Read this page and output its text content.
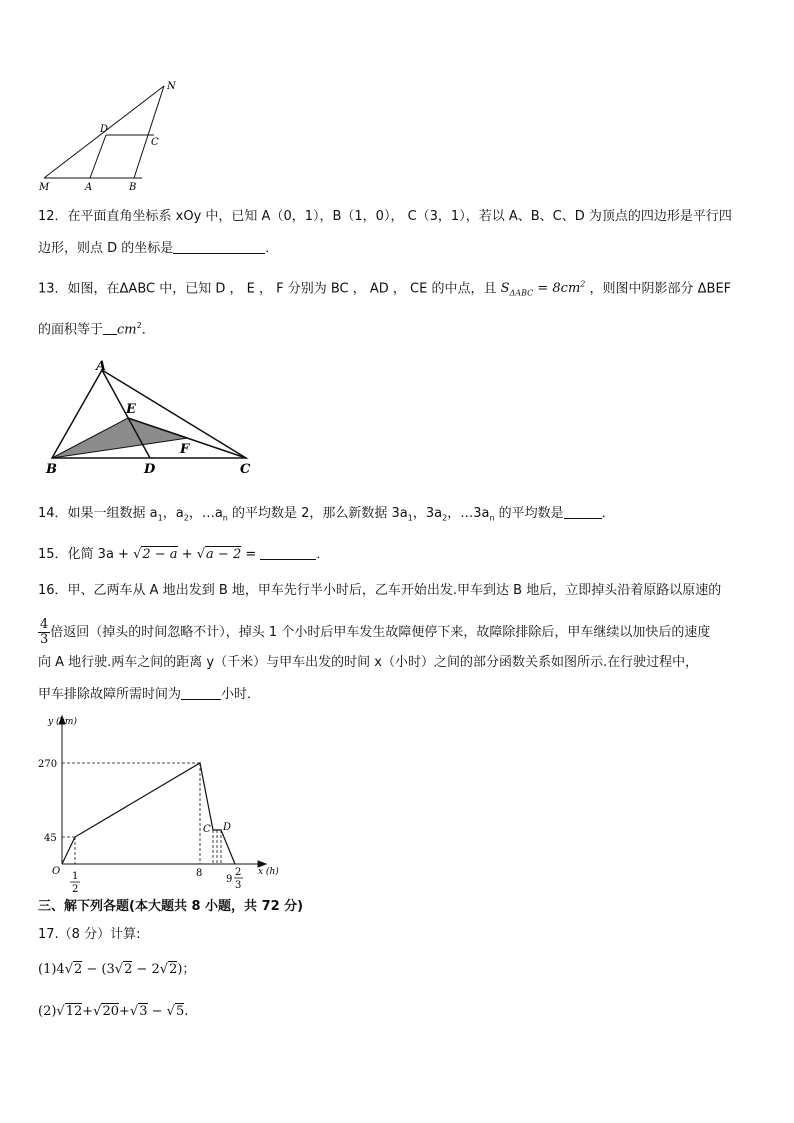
N
D
C
M	A	B
12．在平面直角坐标系 xOy 中，已知 A（0，1），B（1，0）， C（3，1），若以 A、B、C、D 为顶点的四边形是平行四
边形，则点 D 的坐标是	．
13．如图，在ΔABC 中，已知 D ， E ， F 分别为 BC ， AD ， CE 的中点，且 $S_{\Delta ABC} = 8cm^2$ ，则图中阴影部分 ΔBEF
的面积等于 $cm^2$．
A
E
F
B	D	C
14．如果一组数据 $a_1$，$a_2$，$\dots a_n$ 的平均数是 2，那么新数据 $3a_1$，$3a_2$，$\dots 3a_n$ 的平均数是	．
15．化简 3a + √2 − a + √a − 2 =	．
16．甲、乙两车从 A 地出发到 B 地，甲车先行半小时后，乙车开始出发.甲车到达 B 地后，立即掉头沿着原路以原速的
$\frac{4}{3}$ 倍返回（掉头的时间忽略不计），掉头 1 个小时后甲车发生故障便停下来，故障除排除后，甲车继续以加快后的速度
向 A 地行驶.两车之间的距离 y（千米）与甲车出发的时间 x（小时）之间的部分函数关系如图所示.在行驶过程中，
甲车排除故障所需时间为	小时．
y (km)
x (h)
O
270
45
1
2
8
9
2
3
C D
三、解下列各题(本大题共 8 小题，共 72 分)
17.（8 分）计算:
(1)4√2 − (3√2 − 2√2)；
(2)√12+√20+√3 − √5.
